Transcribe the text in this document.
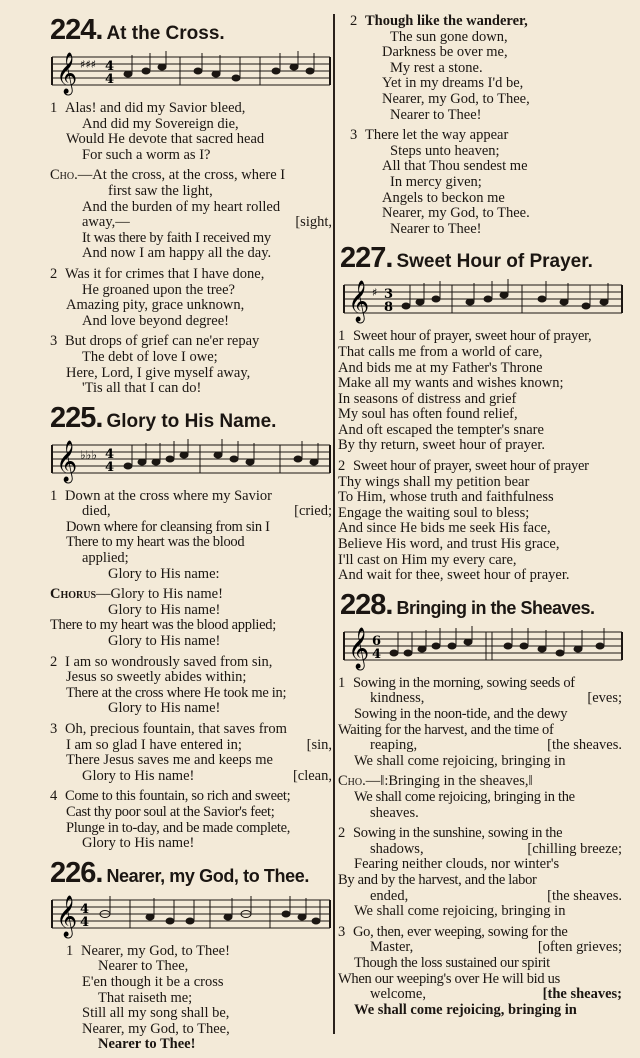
224. At the Cross.
𝄞 ♯♯♯ 4
4
1 Alas! and did my Savior bleed,
And did my Sovereign die,
Would He devote that sacred head
For such a worm as I?
Cho.—At the cross, at the cross, where I
first saw the light,
And the burden of my heart rolled
away,—	[sight,
It was there by faith I received my
And now I am happy all the day.
2 Was it for crimes that I have done,
He groaned upon the tree?
Amazing pity, grace unknown,
And love beyond degree!
3 But drops of grief can ne'er repay
The debt of love I owe;
Here, Lord, I give myself away,
'Tis all that I can do!
225. Glory to His Name.
𝄞 ♭♭♭ 4
4
1 Down at the cross where my Savior
died,	[cried;
Down where for cleansing from sin I
There to my heart was the blood
applied;
Glory to His name:
Chorus—Glory to His name!
Glory to His name!
There to my heart was the blood applied;
Glory to His name!
2 I am so wondrously saved from sin,
Jesus so sweetly abides within;
There at the cross where He took me in;
Glory to His name!
3 Oh, precious fountain, that saves from
I am so glad I have entered in;	[sin,
There Jesus saves me and keeps me
Glory to His name!	[clean,
4 Come to this fountain, so rich and sweet;
Cast thy poor soul at the Savior's feet;
Plunge in to-day, and be made complete,
Glory to His name!
226. Nearer, my God, to Thee.
𝄞 4
4
1 Nearer, my God, to Thee!
Nearer to Thee,
E'en though it be a cross
That raiseth me;
Still all my song shall be,
Nearer, my God, to Thee,
Nearer to Thee!
2 Though like the wanderer,
The sun gone down,
Darkness be over me,
My rest a stone.
Yet in my dreams I'd be,
Nearer, my God, to Thee,
Nearer to Thee!
3 There let the way appear
Steps unto heaven;
All that Thou sendest me
In mercy given;
Angels to beckon me
Nearer, my God, to Thee.
Nearer to Thee!
227. Sweet Hour of Prayer.
𝄞 ♯ 3
8
1 Sweet hour of prayer, sweet hour of prayer,
That calls me from a world of care,
And bids me at my Father's Throne
Make all my wants and wishes known;
In seasons of distress and grief
My soul has often found relief,
And oft escaped the tempter's snare
By thy return, sweet hour of prayer.
2 Sweet hour of prayer, sweet hour of prayer
Thy wings shall my petition bear
To Him, whose truth and faithfulness
Engage the waiting soul to bless;
And since He bids me seek His face,
Believe His word, and trust His grace,
I'll cast on Him my every care,
And wait for thee, sweet hour of prayer.
228. Bringing in the Sheaves.
𝄞 6
4
1 Sowing in the morning, sowing seeds of
kindness,	[eves;
Sowing in the noon-tide, and the dewy
Waiting for the harvest, and the time of
reaping,	[the sheaves.
We shall come rejoicing, bringing in
Cho.—‖:Bringing in the sheaves,‖
We shall come rejoicing, bringing in the
sheaves.
2 Sowing in the sunshine, sowing in the
shadows,	[chilling breeze;
Fearing neither clouds, nor winter's
By and by the harvest, and the labor
ended,	[the sheaves.
We shall come rejoicing, bringing in
3 Go, then, ever weeping, sowing for the
Master,	[often grieves;
Though the loss sustained our spirit
When our weeping's over He will bid us
welcome,	[the sheaves;
We shall come rejoicing, bringing in
